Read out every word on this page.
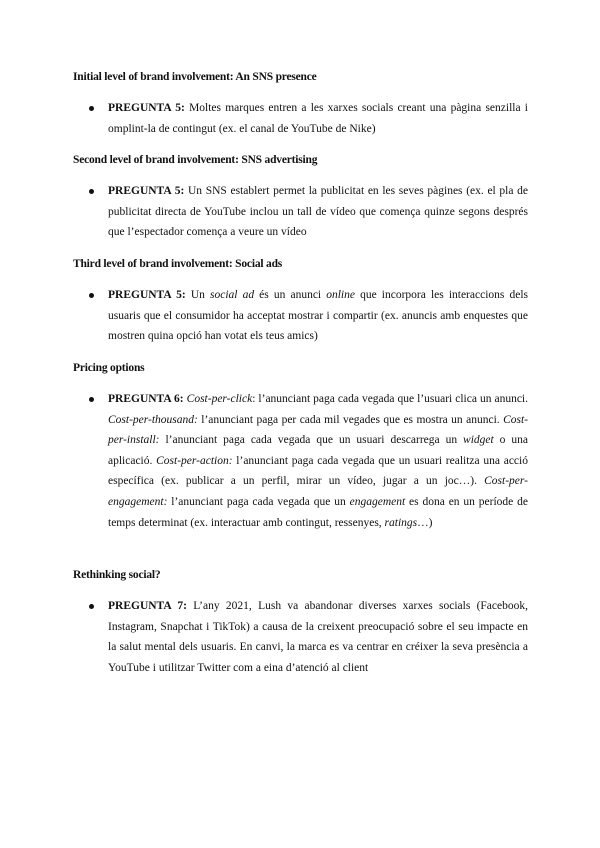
Initial level of brand involvement: An SNS presence
PREGUNTA 5: Moltes marques entren a les xarxes socials creant una pàgina senzilla i omplint-la de contingut (ex. el canal de YouTube de Nike)
Second level of brand involvement: SNS advertising
PREGUNTA 5: Un SNS establert permet la publicitat en les seves pàgines (ex. el pla de publicitat directa de YouTube inclou un tall de vídeo que comença quinze segons després que l’espectador comença a veure un vídeo
Third level of brand involvement: Social ads
PREGUNTA 5: Un social ad és un anunci online que incorpora les interaccions dels usuaris que el consumidor ha acceptat mostrar i compartir (ex. anuncis amb enquestes que mostren quina opció han votat els teus amics)
Pricing options
PREGUNTA 6: Cost-per-click: l’anunciant paga cada vegada que l’usuari clica un anunci. Cost-per-thousand: l’anunciant paga per cada mil vegades que es mostra un anunci. Cost-per-install: l’anunciant paga cada vegada que un usuari descarrega un widget o una aplicació. Cost-per-action: l’anunciant paga cada vegada que un usuari realitza una acció específica (ex. publicar a un perfil, mirar un vídeo, jugar a un joc…). Cost-per-engagement: l’anunciant paga cada vegada que un engagement es dona en un període de temps determinat (ex. interactuar amb contingut, ressenyes, ratings…)
Rethinking social?
PREGUNTA 7: L’any 2021, Lush va abandonar diverses xarxes socials (Facebook, Instagram, Snapchat i TikTok) a causa de la creixent preocupació sobre el seu impacte en la salut mental dels usuaris. En canvi, la marca es va centrar en créixer la seva presència a YouTube i utilitzar Twitter com a eina d’atenció al client
